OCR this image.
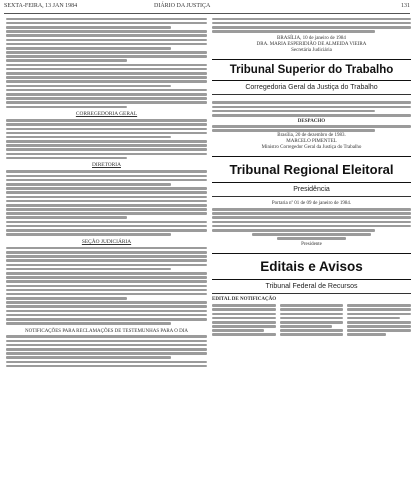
SEXTA-FEIRA, 13 JAN 1984	DIÁRIO DA JUSTIÇA	131
CORREGEDORIA GERAL
DIRETORIA
SEÇÃO JUDICIÁRIA
NOTIFICAÇÕES PARA RECLAMAÇÕES DE TESTEMUNHAS PARA O DIA
BRASÍLIA, 10 de janeiro de 1984
DRA. MARIA ESPERIDIÃO DE ALMEIDA VIEIRA
Secretária Judiciária
Tribunal Superior do Trabalho
Corregedoria Geral da Justiça do Trabalho
DESPACHO
Brasília, 20 de dezembro de 1983.
MARCELO PIMENTEL
Ministro Corregedor Geral da Justiça do Trabalho
Tribunal Regional Eleitoral
Presidência
Portaria nº 01 de 09 de janeiro de 1984.
Presidente
Editais e Avisos
Tribunal Federal de Recursos
EDITAL DE NOTIFICAÇÃO
